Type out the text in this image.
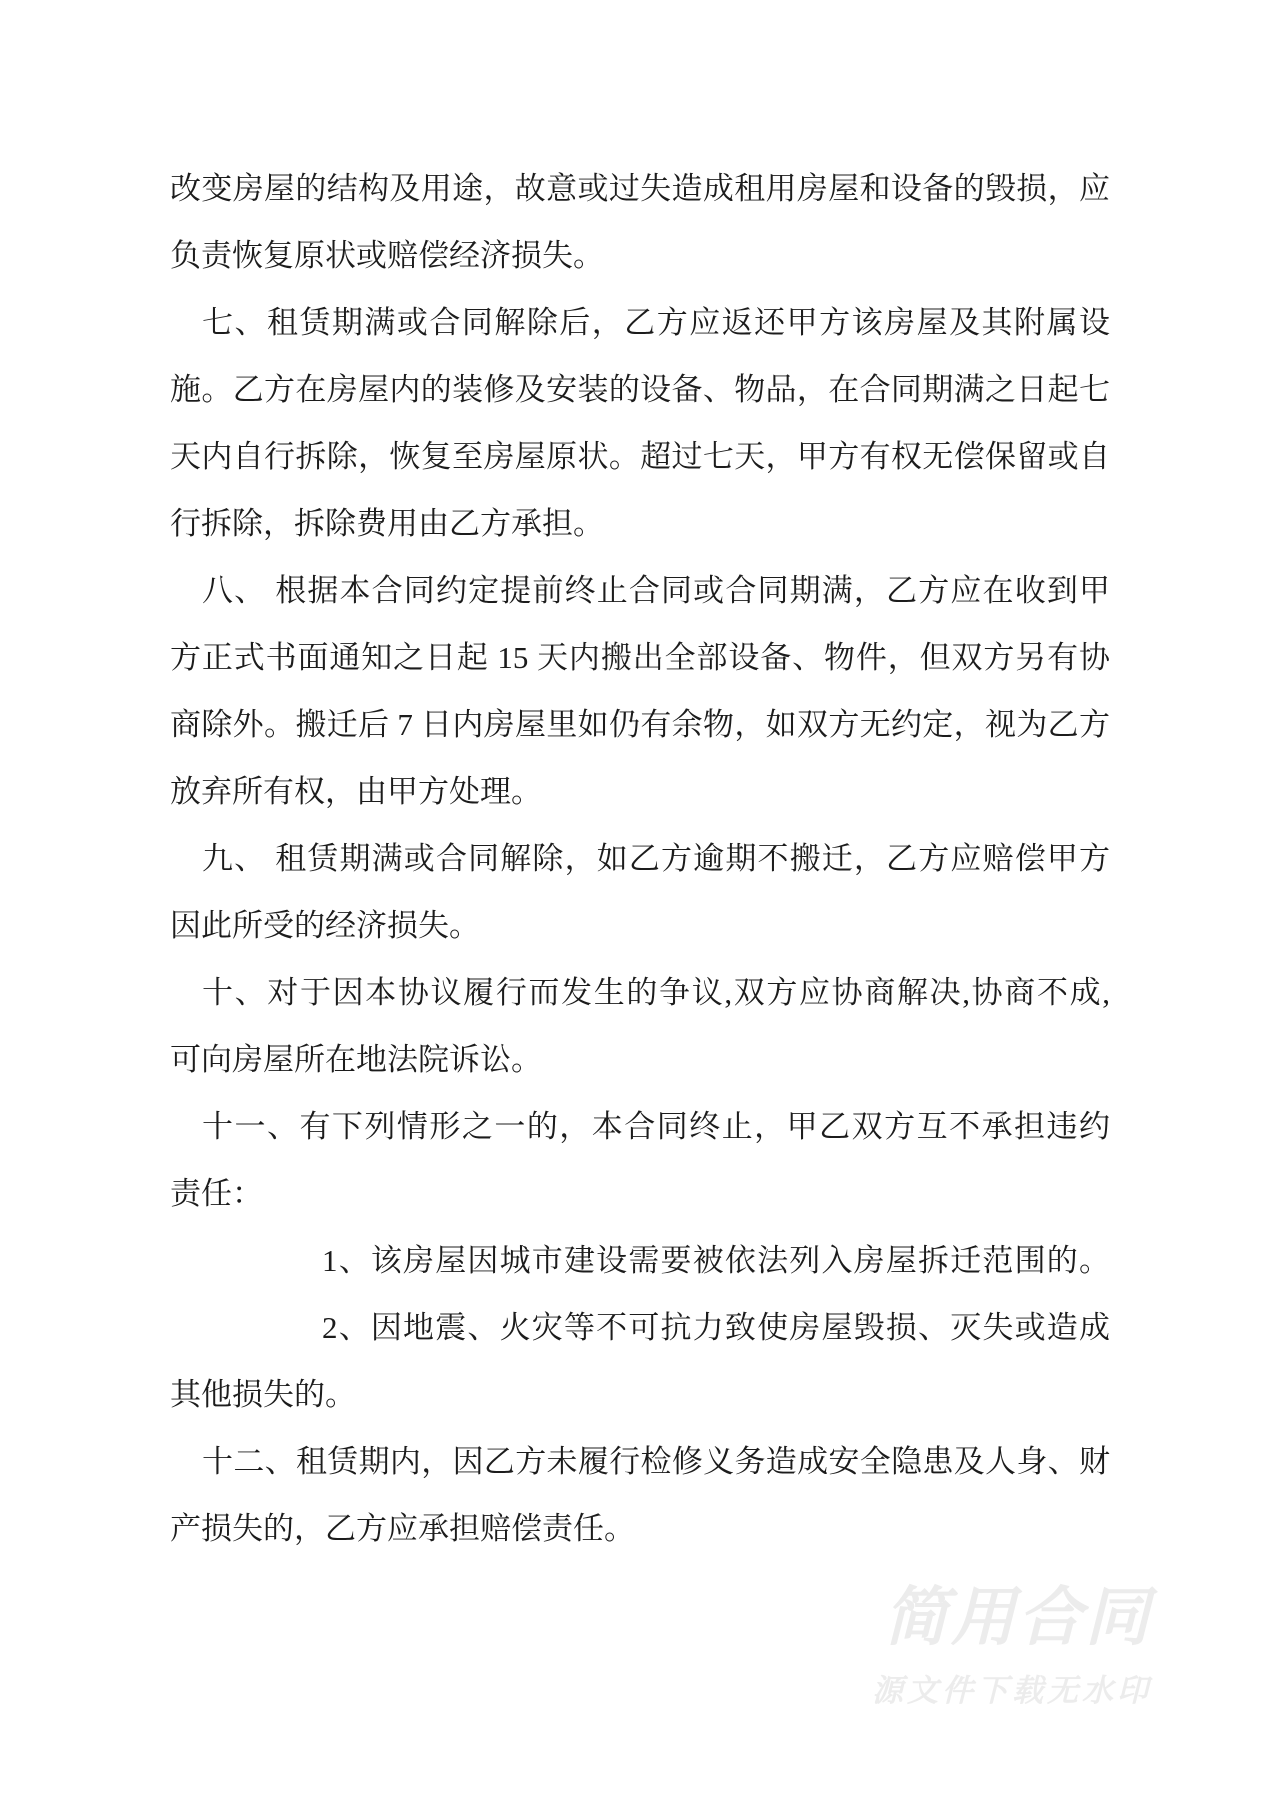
改变房屋的结构及用途，故意或过失造成租用房屋和设备的毁损，应
负责恢复原状或赔偿经济损失。
七、租赁期满或合同解除后，乙方应返还甲方该房屋及其附属设
施。乙方在房屋内的装修及安装的设备、物品，在合同期满之日起七
天内自行拆除，恢复至房屋原状。超过七天，甲方有权无偿保留或自
行拆除，拆除费用由乙方承担。
八、 根据本合同约定提前终止合同或合同期满，乙方应在收到甲
方正式书面通知之日起 15 天内搬出全部设备、物件，但双方另有协
商除外。搬迁后 7 日内房屋里如仍有余物，如双方无约定，视为乙方
放弃所有权，由甲方处理。
九、 租赁期满或合同解除，如乙方逾期不搬迁，乙方应赔偿甲方
因此所受的经济损失。
十、对于因本协议履行而发生的争议,双方应协商解决,协商不成,
可向房屋所在地法院诉讼。
十一、有下列情形之一的，本合同终止，甲乙双方互不承担违约
责任：
1、该房屋因城市建设需要被依法列入房屋拆迁范围的。
2、因地震、火灾等不可抗力致使房屋毁损、灭失或造成
其他损失的。
十二、租赁期内，因乙方未履行检修义务造成安全隐患及人身、财
产损失的，乙方应承担赔偿责任。
简用合同
源文件下载无水印
